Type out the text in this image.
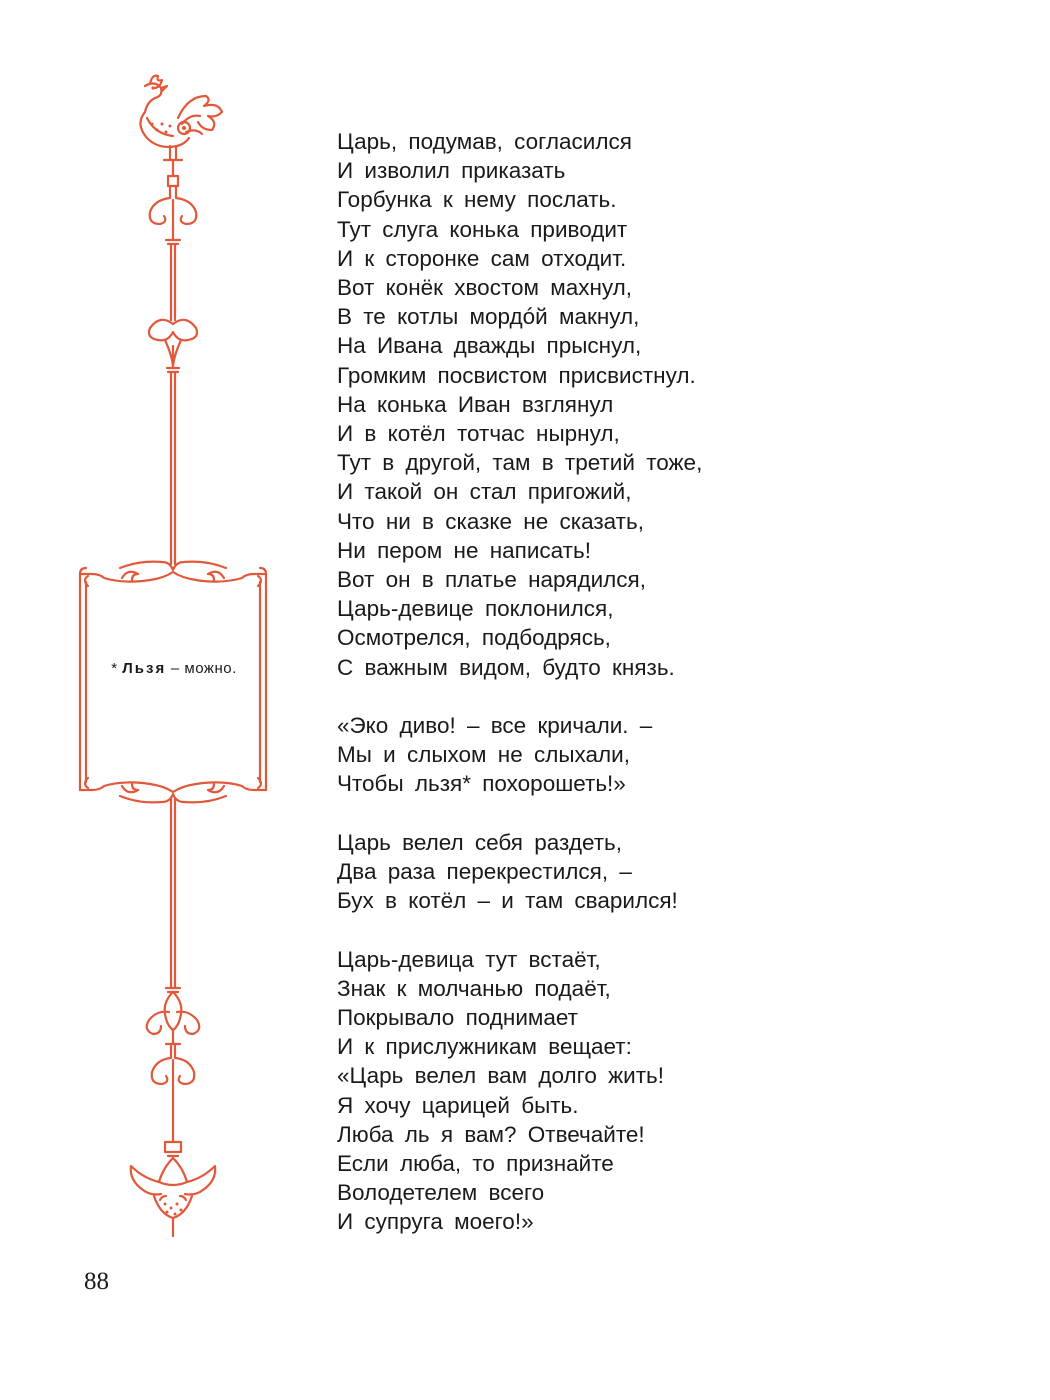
* Льзя – можно.
Царь, подумав, согласился
И изволил приказать
Горбунка к нему послать.
Тут слуга конька приводит
И к сторонке сам отходит.
Вот конёк хвостом махнул,
В те котлы мордóй макнул,
На Ивана дважды прыснул,
Громким посвистом присвистнул.
На конька Иван взглянул
И в котёл тотчас нырнул,
Тут в другой, там в третий тоже,
И такой он стал пригожий,
Что ни в сказке не сказать,
Ни пером не написать!
Вот он в платье нарядился,
Царь-девице поклонился,
Осмотрелся, подбодрясь,
С важным видом, будто князь.
«Эко диво! – все кричали. –
Мы и слыхом не слыхали,
Чтобы льзя* похорошеть!»
Царь велел себя раздеть,
Два раза перекрестился, –
Бух в котёл – и там сварился!
Царь-девица тут встаёт,
Знак к молчанью подаёт,
Покрывало поднимает
И к прислужникам вещает:
«Царь велел вам долго жить!
Я хочу царицей быть.
Люба ль я вам? Отвечайте!
Если люба, то признайте
Володетелем всего
И супруга моего!»
88
